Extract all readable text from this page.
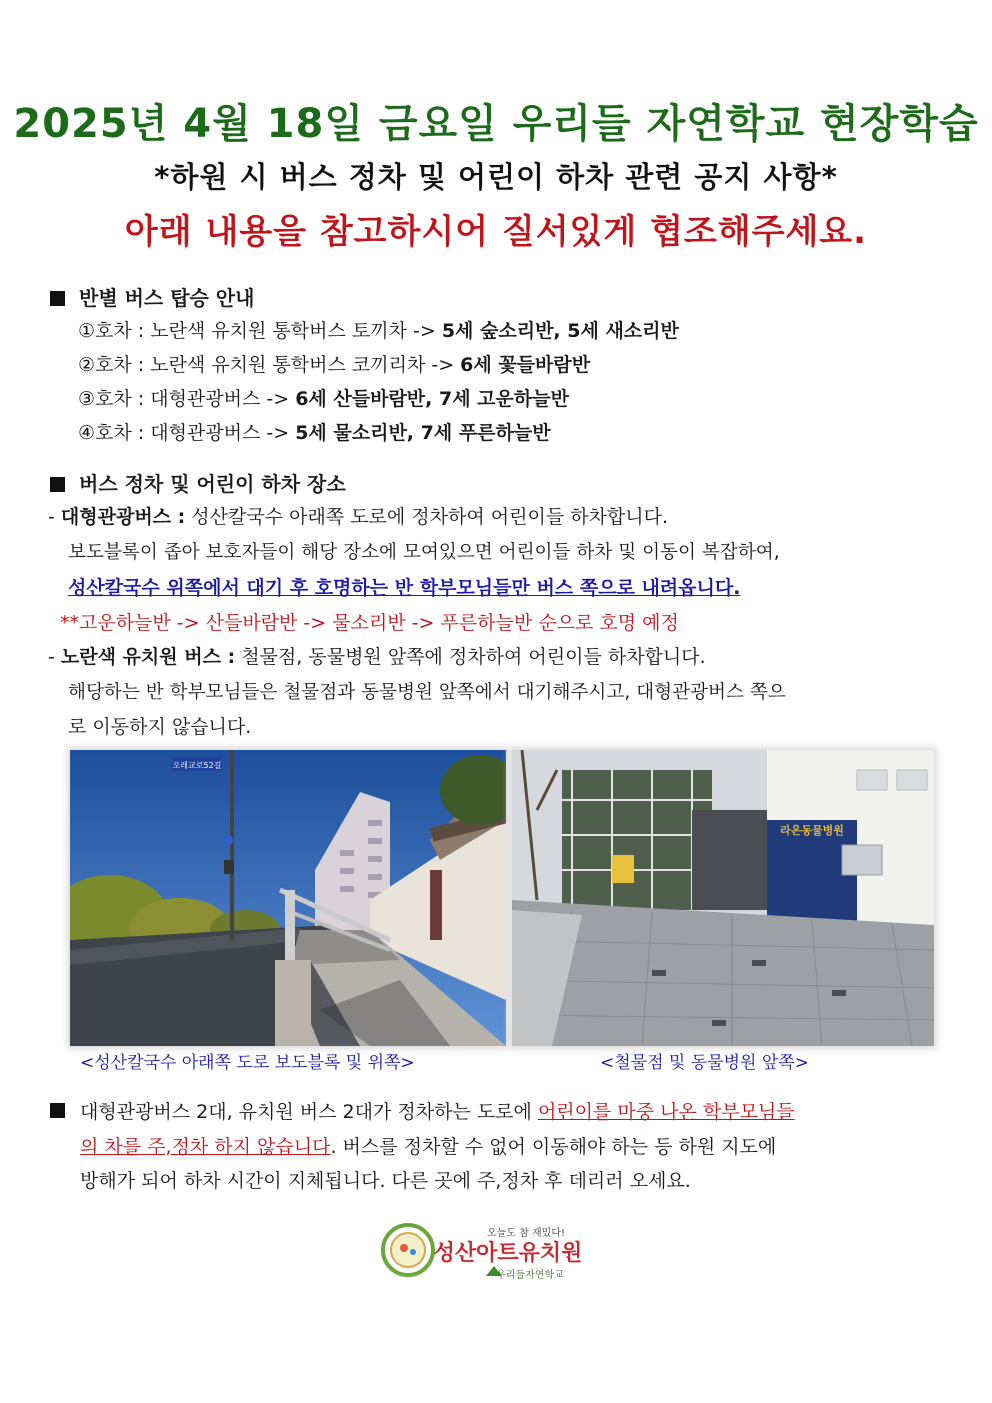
2025년 4월 18일 금요일 우리들 자연학교 현장학습
*하원 시 버스 정차 및 어린이 하차 관련 공지 사항*
아래 내용을 참고하시어 질서있게 협조해주세요.
반별 버스 탑승 안내
①호차 : 노란색 유치원 통학버스 토끼차 -> 5세 숲소리반, 5세 새소리반
②호차 : 노란색 유치원 통학버스 코끼리차 -> 6세 꽃들바람반
③호차 : 대형관광버스 -> 6세 산들바람반, 7세 고운하늘반
④호차 : 대형관광버스 -> 5세 물소리반, 7세 푸른하늘반
버스 정차 및 어린이 하차 장소
- 대형관광버스 : 성산칼국수 아래쪽 도로에 정차하여 어린이들 하차합니다.
보도블록이 좁아 보호자들이 해당 장소에 모여있으면 어린이들 하차 및 이동이 복잡하여,
성산칼국수 위쪽에서 대기 후 호명하는 반 학부모님들만 버스 쪽으로 내려옵니다.
**고운하늘반 -> 산들바람반 -> 물소리반 -> 푸른하늘반 순으로 호명 예정
- 노란색 유치원 버스 : 철물점, 동물병원 앞쪽에 정차하여 어린이들 하차합니다.
해당하는 반 학부모님들은 철물점과 동물병원 앞쪽에서 대기해주시고, 대형관광버스 쪽으
로 이동하지 않습니다.
오레교로52길
라온동물병원
<성산칼국수 아래쪽 도로 보도블록 및 위쪽>	<철물점 및 동물병원 앞쪽>
대형관광버스 2대, 유치원 버스 2대가 정차하는 도로에 어린이를 마중 나온 학부모님들
의 차를 주,정차 하지 않습니다. 버스를 정차할 수 없어 이동해야 하는 등 하원 지도에
방해가 되어 하차 시간이 지체됩니다. 다른 곳에 주,정차 후 데리러 오세요.
오늘도 참 재밌다!
성산아트유치원
우리들자연학교
